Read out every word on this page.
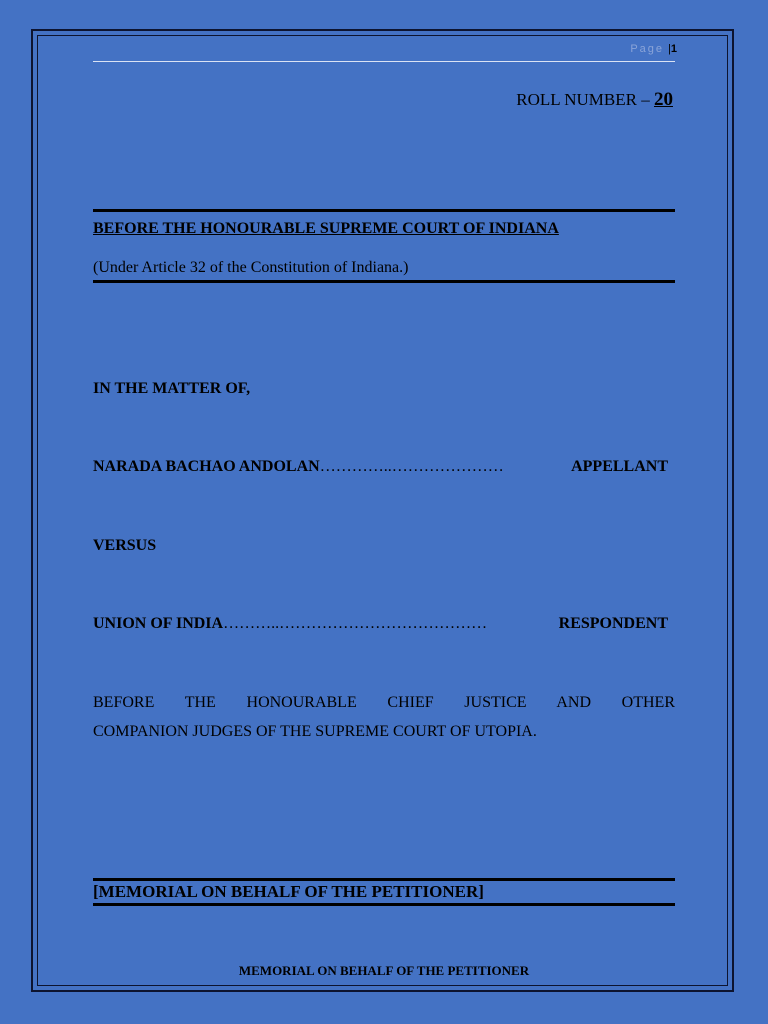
Page |1
ROLL NUMBER – 20
BEFORE THE HONOURABLE SUPREME COURT OF INDIANA
(Under Article 32 of the Constitution of Indiana.)
IN THE MATTER OF,
NARADA BACHAO ANDOLAN …………..…………………	APPELLANT
VERSUS
UNION OF INDIA ………..…………………………………	RESPONDENT
BEFORE THE HONOURABLE CHIEF JUSTICE AND OTHER
COMPANION JUDGES OF THE SUPREME COURT OF UTOPIA.
[MEMORIAL ON BEHALF OF THE PETITIONER]
MEMORIAL ON BEHALF OF THE PETITIONER
